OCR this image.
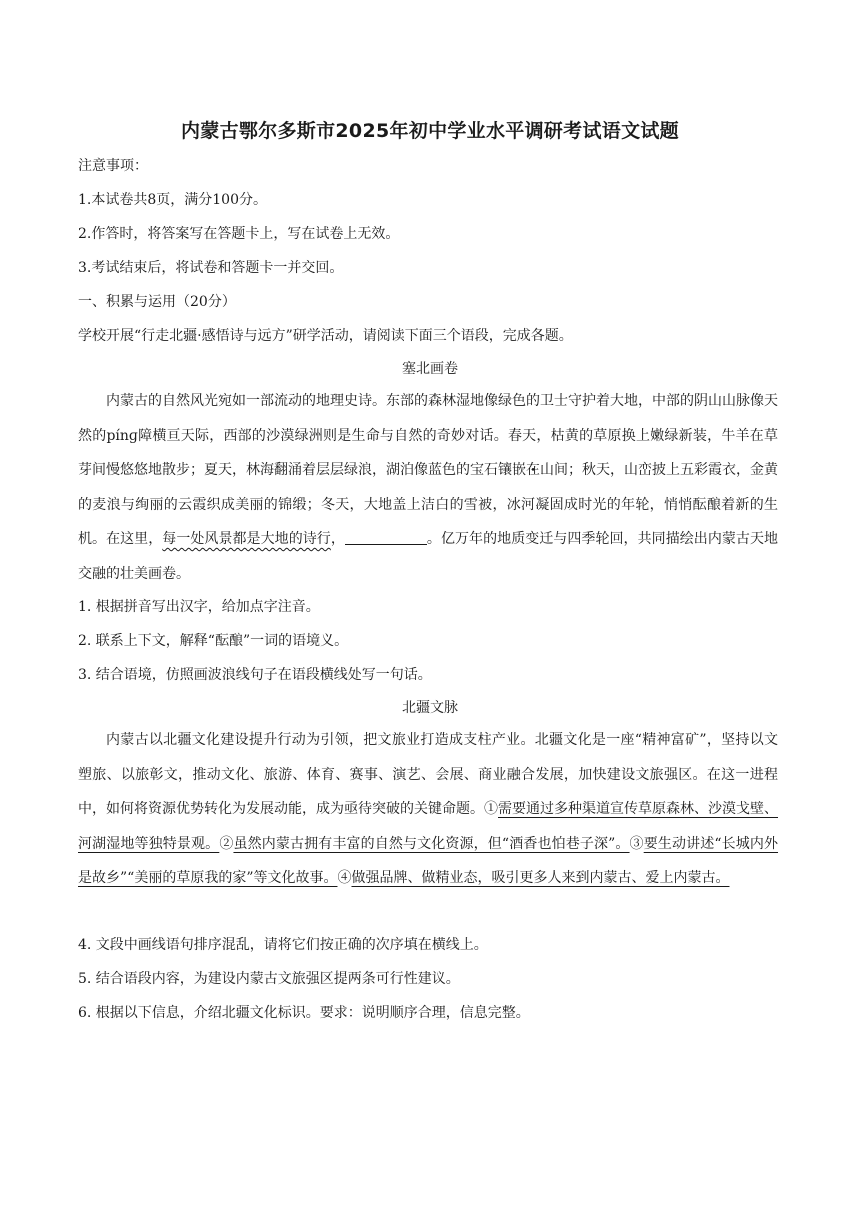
内蒙古鄂尔多斯市2025年初中学业水平调研考试语文试题
注意事项：
1.本试卷共8页，满分100分。
2.作答时，将答案写在答题卡上，写在试卷上无效。
3.考试结束后，将试卷和答题卡一并交回。
一、积累与运用（20分）
学校开展“行走北疆·感悟诗与远方”研学活动，请阅读下面三个语段，完成各题。
塞北画卷
内蒙古的自然风光宛如一部流动的地理史诗。东部的森林湿地像绿色的卫士守护着大地，中部的阴山山脉像天然的pínɡ障横亘天际，西部的沙漠绿洲则是生命与自然的奇妙对话。春天，枯黄的草原换上嫩绿新装，牛羊在草芽间慢悠悠地散步；夏天，林海翻涌着层层绿浪，湖泊像蓝色的宝石镶嵌 •在山间；秋天，山峦披上五彩霞衣，金黄的麦浪与绚丽的云霞织成美丽的锦缎；冬天，大地盖上洁白的雪被，冰河凝固成时光的年轮，悄悄酝酿着新的生机。在这里，每一处风景都是大地的诗行，	。亿万年的地质变迁与四季轮回，共同描绘出内蒙古天地交融的壮美画卷。
1. 根据拼音写出汉字，给加点字注音。
2. 联系上下文，解释“酝酿”一词的语境义。
3. 结合语境，仿照画波浪线句子在语段横线处写一句话。
北疆文脉
内蒙古以北疆文化建设提升行动为引领，把文旅业打造成支柱产业。北疆文化是一座“精神富矿”，坚持以文塑旅、以旅彰文，推动文化、旅游、体育、赛事、演艺、会展、商业融合发展，加快建设文旅强区。在这一进程中，如何将资源优势转化为发展动能，成为亟待突破的关键命题。①需要通过多种渠道宣传草原森林、沙漠戈壁、河湖湿地等独特景观。②虽然内蒙古拥有丰富的自然与文化资源，但“酒香也怕巷子深”。③要生动讲述“长城内外是故乡”“美丽的草原我的家”等文化故事。④做强品牌、做精业态，吸引更多人来到内蒙古、爱上内蒙古。
4. 文段中画线语句排序混乱，请将它们按正确的次序填在横线上。
5. 结合语段内容，为建设内蒙古文旅强区提两条可行性建议。
6. 根据以下信息，介绍北疆文化标识。要求：说明顺序合理，信息完整。
